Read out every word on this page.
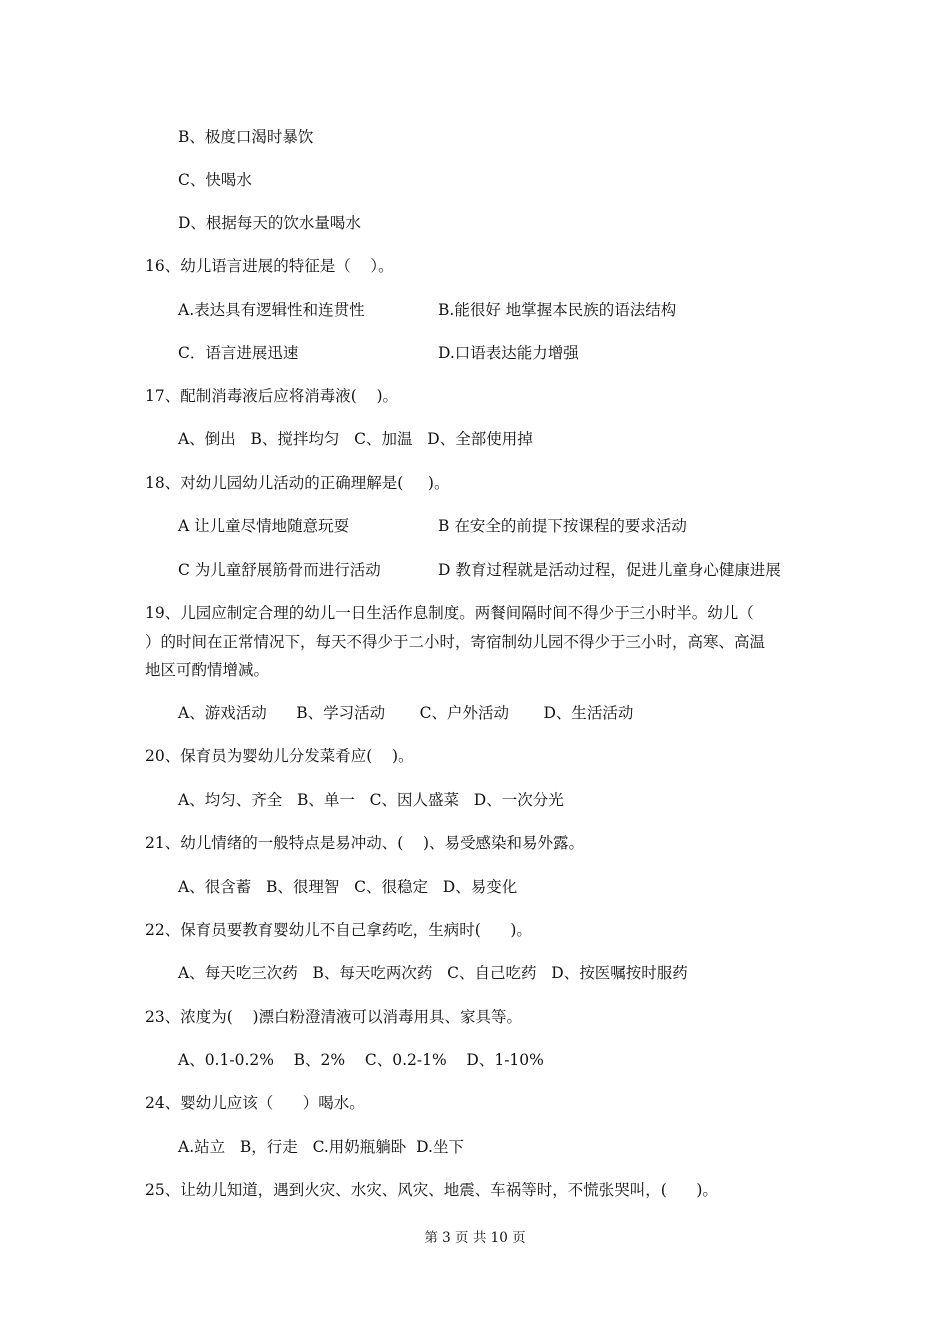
B、极度口渴时暴饮
C、快喝水
D、根据每天的饮水量喝水
16、幼儿语言进展的特征是（    ）。
A.表达具有逻辑性和连贯性	B.能很好 地掌握本民族的语法结构
C．语言进展迅速	D.口语表达能力增强
17、配制消毒液后应将消毒液(    )。
A、倒出   B、搅拌均匀   C、加温   D、全部使用掉
18、对幼儿园幼儿活动的正确理解是(     )。
A 让儿童尽情地随意玩耍	B 在安全的前提下按课程的要求活动
C 为儿童舒展筋骨而进行活动	D 教育过程就是活动过程，促进儿童身心健康进展
19、儿园应制定合理的幼儿一日生活作息制度。两餐间隔时间不得少于三小时半。幼儿（
）的时间在正常情况下，每天不得少于二小时，寄宿制幼儿园不得少于三小时，高寒、高温
地区可酌情增减。
A、游戏活动      B、学习活动       C、户外活动       D、生活活动
20、保育员为婴幼儿分发菜肴应(    )。
A、均匀、齐全   B、单一   C、因人盛菜   D、一次分光
21、幼儿情绪的一般特点是易冲动、(    )、易受感染和易外露。
A、很含蓄   B、很理智   C、很稳定   D、易变化
22、保育员要教育婴幼儿不自己拿药吃，生病时(      )。
A、每天吃三次药   B、每天吃两次药   C、自己吃药   D、按医嘱按时服药
23、浓度为(    )漂白粉澄清液可以消毒用具、家具等。
A、0.1-0.2%    B、2%    C、0.2-1%    D、1-10%
24、婴幼儿应该（      ）喝水。
A.站立   B，行走   C.用奶瓶躺卧  D.坐下
25、让幼儿知道，遇到火灾、水灾、风灾、地震、车祸等时，不慌张哭叫，(      )。
第 3 页 共 10 页
